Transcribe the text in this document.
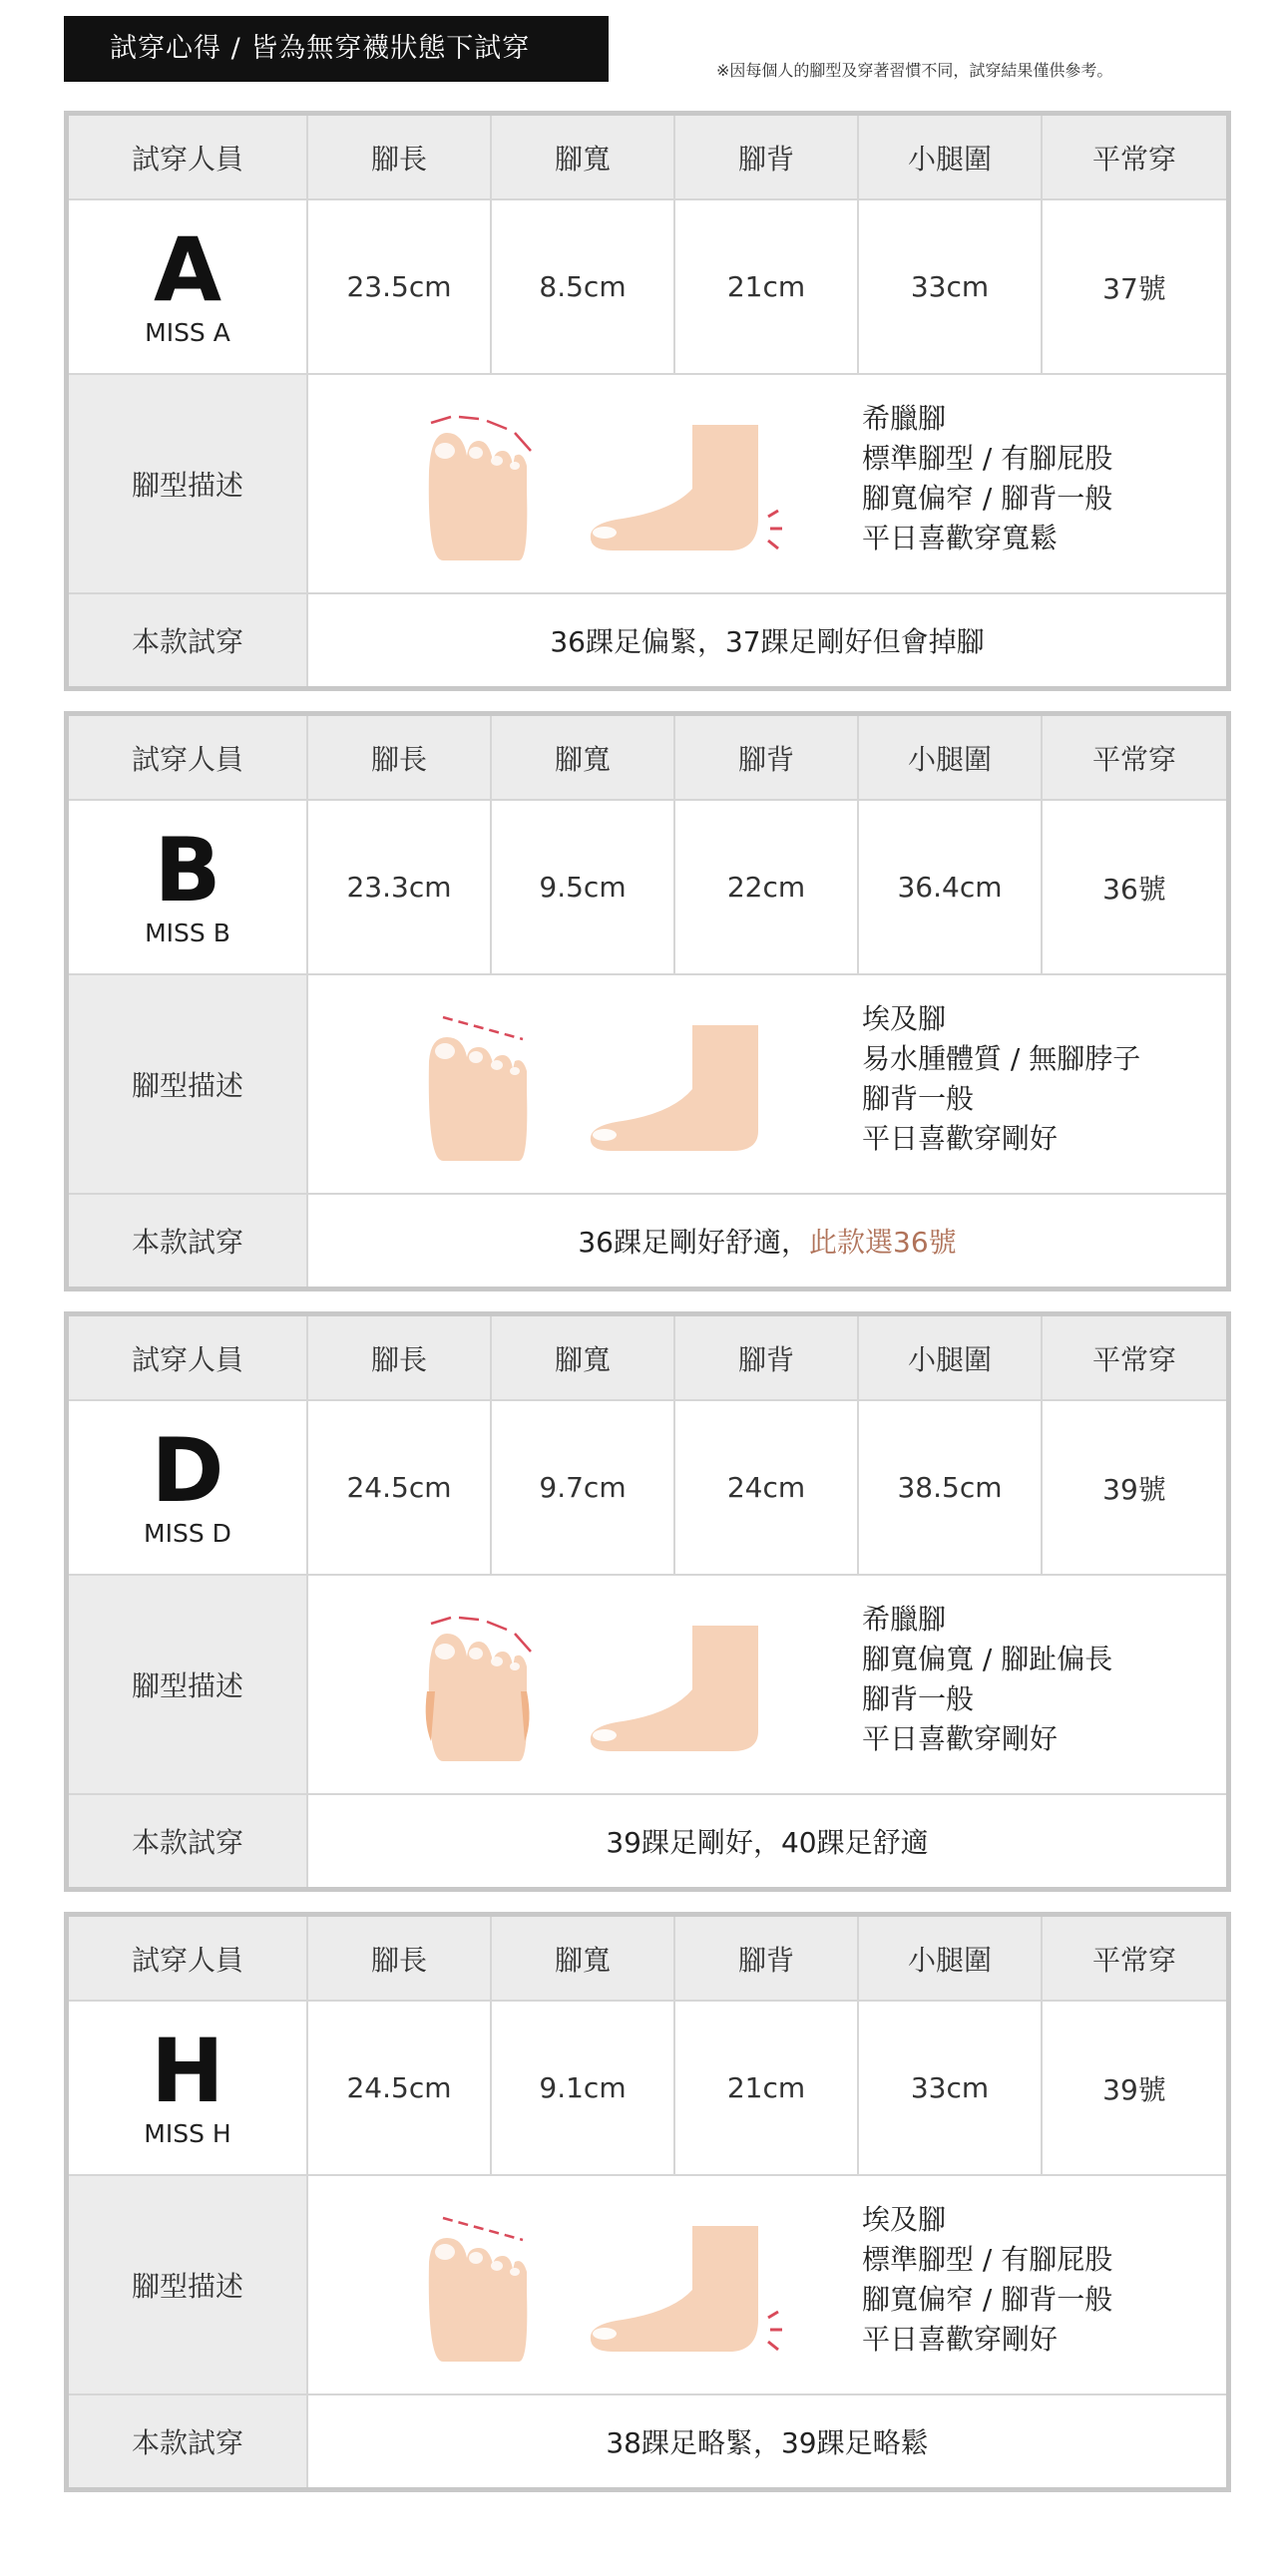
試穿心得 / 皆為無穿襪狀態下試穿
※因每個人的腳型及穿著習慣不同，試穿結果僅供參考。
試穿人員	腳長	腳寬	腳背	小腿圍	平常穿
A
MISS A
23.5cm	8.5cm	21cm	33cm	37號
腳型描述
希臘腳
標準腳型 / 有腳屁股
腳寬偏窄 / 腳背一般
平日喜歡穿寬鬆
本款試穿	36踝足偏緊，37踝足剛好但會掉腳
試穿人員	腳長	腳寬	腳背	小腿圍	平常穿
B
MISS B
23.3cm	9.5cm	22cm	36.4cm	36號
腳型描述
埃及腳
易水腫體質 / 無腳脖子
腳背一般
平日喜歡穿剛好
本款試穿	36踝足剛好舒適， 此款選36號
試穿人員	腳長	腳寬	腳背	小腿圍	平常穿
D
MISS D
24.5cm	9.7cm	24cm	38.5cm	39號
腳型描述
希臘腳
腳寬偏寬 / 腳趾偏長
腳背一般
平日喜歡穿剛好
本款試穿	39踝足剛好，40踝足舒適
試穿人員	腳長	腳寬	腳背	小腿圍	平常穿
H
MISS H
24.5cm	9.1cm	21cm	33cm	39號
腳型描述
埃及腳
標準腳型 / 有腳屁股
腳寬偏窄 / 腳背一般
平日喜歡穿剛好
本款試穿	38踝足略緊，39踝足略鬆
